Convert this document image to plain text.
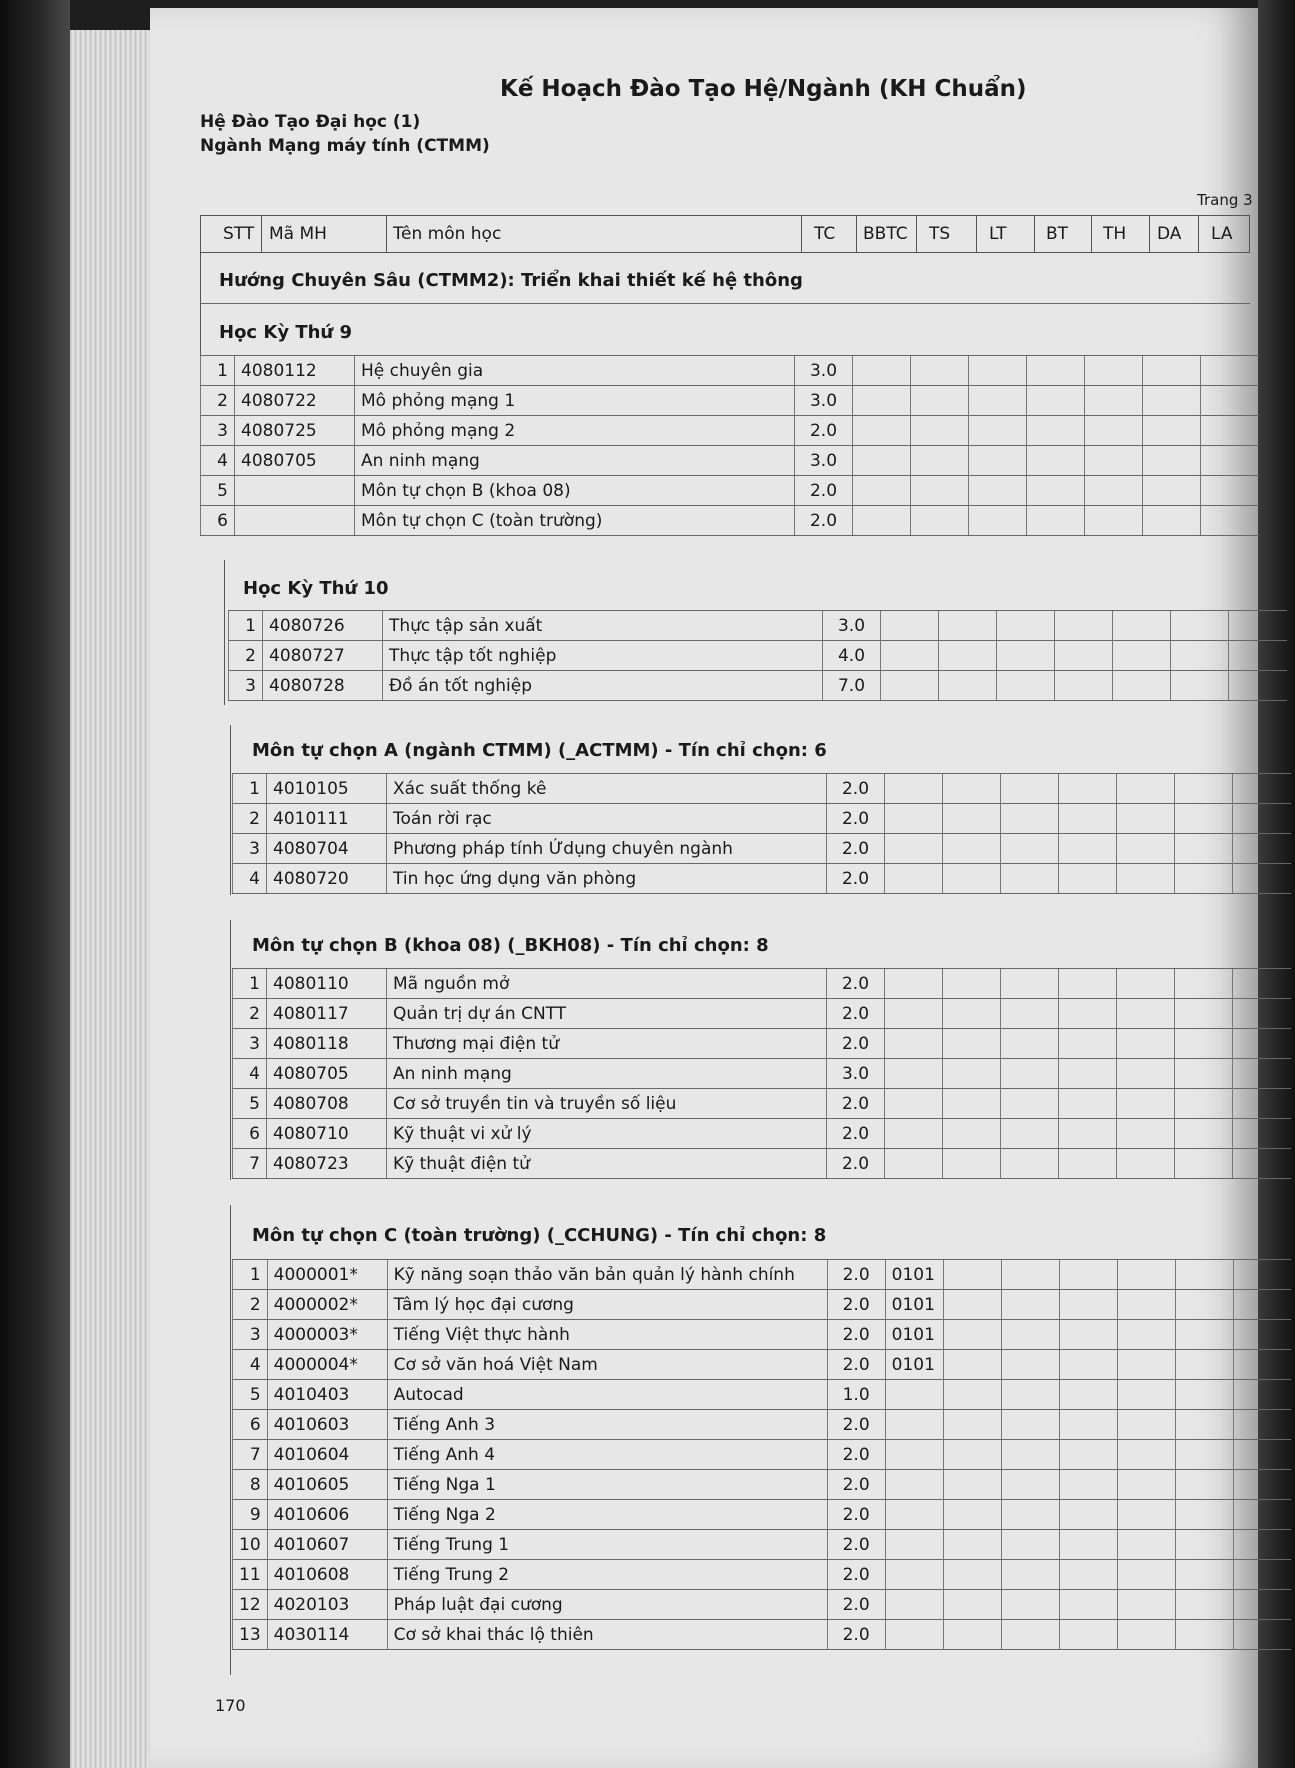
Kế Hoạch Đào Tạo Hệ/Ngành (KH Chuẩn)
Hệ Đào Tạo Đại học (1)
Ngành Mạng máy tính (CTMM)
Trang 3
STT Mã MH	Tên môn học	TC BBTC TS LT BT TH DA LA
Hướng Chuyên Sâu (CTMM2): Triển khai thiết kế hệ thông
Học Kỳ Thứ 9
1	4080112	Hệ chuyên gia	3.0							
2	4080722	Mô phỏng mạng 1	3.0							
3	4080725	Mô phỏng mạng 2	2.0							
4	4080705	An ninh mạng	3.0							
5		Môn tự chọn B (khoa 08)	2.0							
6		Môn tự chọn C (toàn trường)	2.0							
Học Kỳ Thứ 10
1	4080726	Thực tập sản xuất	3.0							
2	4080727	Thực tập tốt nghiệp	4.0							
3	4080728	Đồ án tốt nghiệp	7.0							
Môn tự chọn A (ngành CTMM) (_ACTMM) - Tín chỉ chọn: 6
1	4010105	Xác suất thống kê	2.0							
2	4010111	Toán rời rạc	2.0							
3	4080704	Phương pháp tính Ứdụng chuyên ngành	2.0							
4	4080720	Tin học ứng dụng văn phòng	2.0							
Môn tự chọn B (khoa 08) (_BKH08) - Tín chỉ chọn: 8
1	4080110	Mã nguồn mở	2.0							
2	4080117	Quản trị dự án CNTT	2.0							
3	4080118	Thương mại điện tử	2.0							
4	4080705	An ninh mạng	3.0							
5	4080708	Cơ sở truyền tin và truyền số liệu	2.0							
6	4080710	Kỹ thuật vi xử lý	2.0							
7	4080723	Kỹ thuật điện tử	2.0							
Môn tự chọn C (toàn trường) (_CCHUNG) - Tín chỉ chọn: 8
1	4000001*	Kỹ năng soạn thảo văn bản quản lý hành chính	2.0	0101						
2	4000002*	Tâm lý học đại cương	2.0	0101						
3	4000003*	Tiếng Việt thực hành	2.0	0101						
4	4000004*	Cơ sở văn hoá Việt Nam	2.0	0101						
5	4010403	Autocad	1.0							
6	4010603	Tiếng Anh 3	2.0							
7	4010604	Tiếng Anh 4	2.0							
8	4010605	Tiếng Nga 1	2.0							
9	4010606	Tiếng Nga 2	2.0							
10	4010607	Tiếng Trung 1	2.0							
11	4010608	Tiếng Trung 2	2.0							
12	4020103	Pháp luật đại cương	2.0							
13	4030114	Cơ sở khai thác lộ thiên	2.0							
170
